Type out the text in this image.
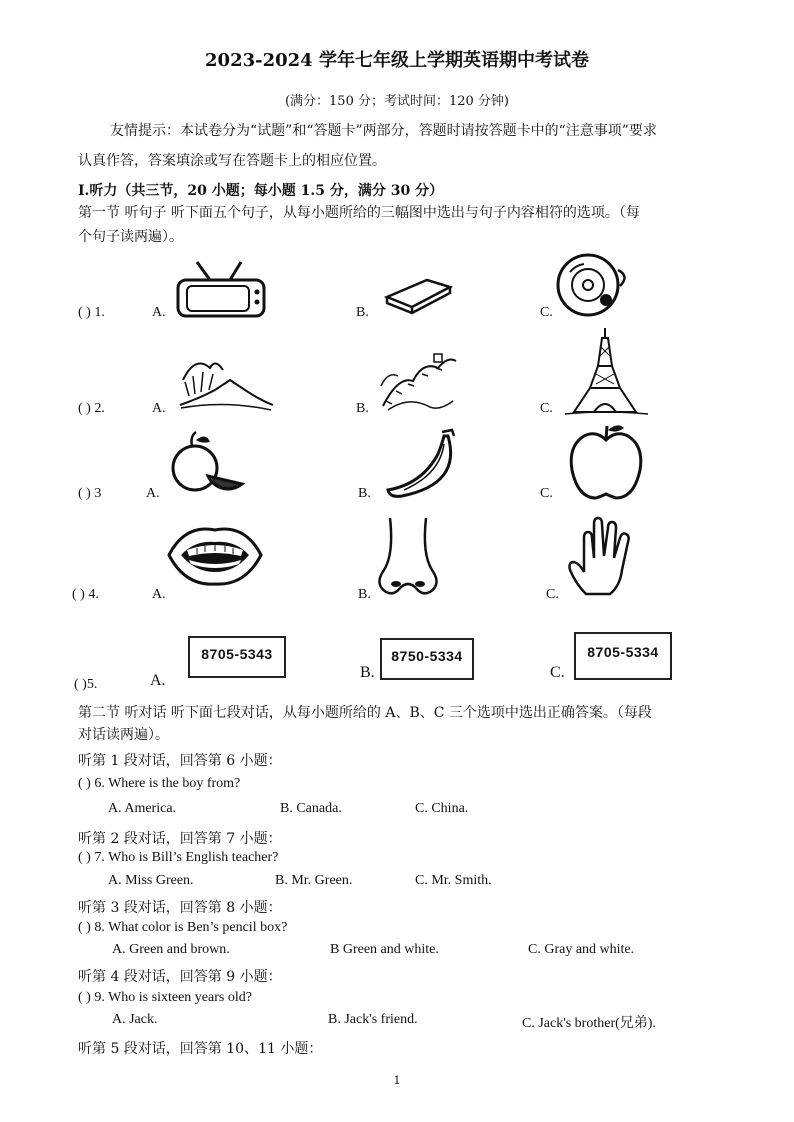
2023-2024 学年七年级上学期英语期中考试卷
(满分：150 分；考试时间：120 分钟)
友情提示：本试卷分为“试题”和“答题卡”两部分，答题时请按答题卡中的“注意事项”要求
认真作答，答案填涂或写在答题卡上的相应位置。
I.听力（共三节，20 小题；每小题 1.5 分，满分 30 分）
第一节 听句子 听下面五个句子，从每小题所给的三幅图中选出与句子内容相符的选项。（每
个句子读两遍）。
( ) 1.	A.	B.	C.
( ) 2.	A.	B.	C.
( ) 3	A.	B.	C.
( ) 4.	A.	B.	C.
( )5.	A.	B.	C.
8705-5343	8750-5334	8705-5334
第二节 听对话 听下面七段对话，从每小题所给的 A、B、C 三个选项中选出正确答案。（每段
对话读两遍）。
听第 1 段对话，回答第 6 小题：
( ) 6. Where is the boy from?
A. America.	B. Canada.	C. China.
听第 2 段对话，回答第 7 小题：
( ) 7. Who is Bill’s English teacher?
A. Miss Green.	B. Mr. Green.	C. Mr. Smith.
听第 3 段对话，回答第 8 小题：
( ) 8. What color is Ben’s pencil box?
A. Green and brown.	B Green and white.	C. Gray and white.
听第 4 段对话，回答第 9 小题：
( ) 9. Who is sixteen years old?
A. Jack.	B. Jack's friend.	C. Jack's brother(兄弟).
听第 5 段对话，回答第 10、11 小题：
1
